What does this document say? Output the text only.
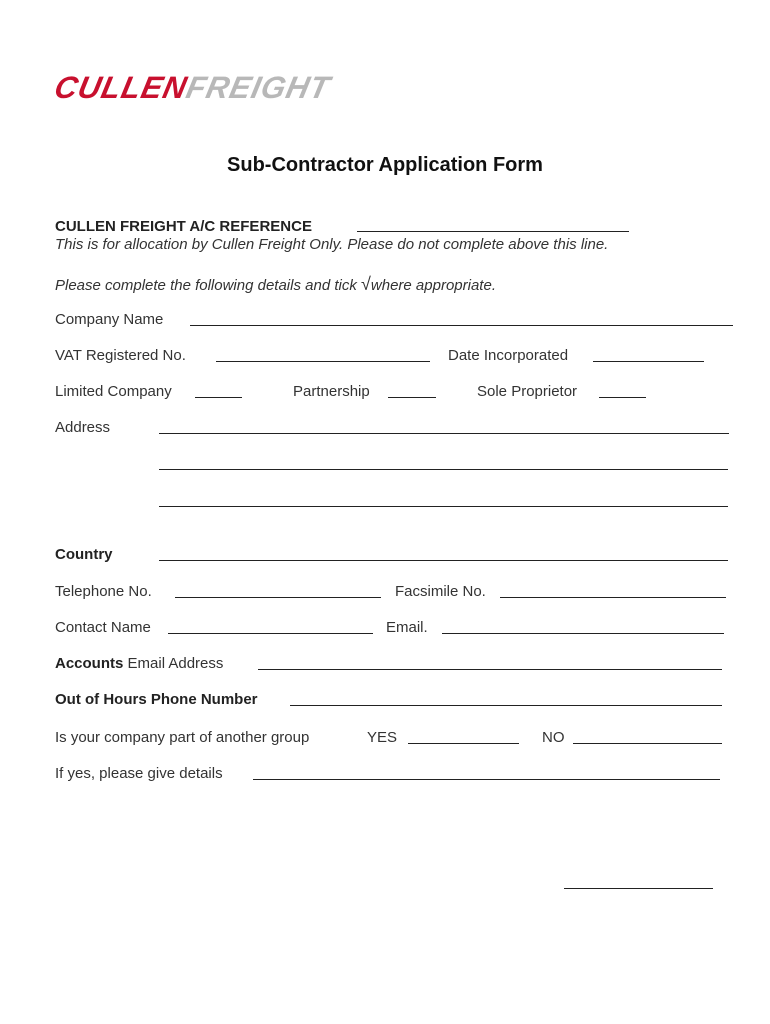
CULLENFREIGHT
Sub-Contractor Application Form
CULLEN FREIGHT A/C REFERENCE
This is for allocation by Cullen Freight Only. Please do not complete above this line.
Please complete the following details and tick √where appropriate.
Company Name
VAT Registered No.	Date Incorporated
Limited Company	Partnership	Sole Proprietor
Address
Country
Telephone No.	Facsimile No.
Contact Name	Email.
Accounts Email Address
Out of Hours Phone Number
Is your company part of another group	YES	NO
If yes, please give details
